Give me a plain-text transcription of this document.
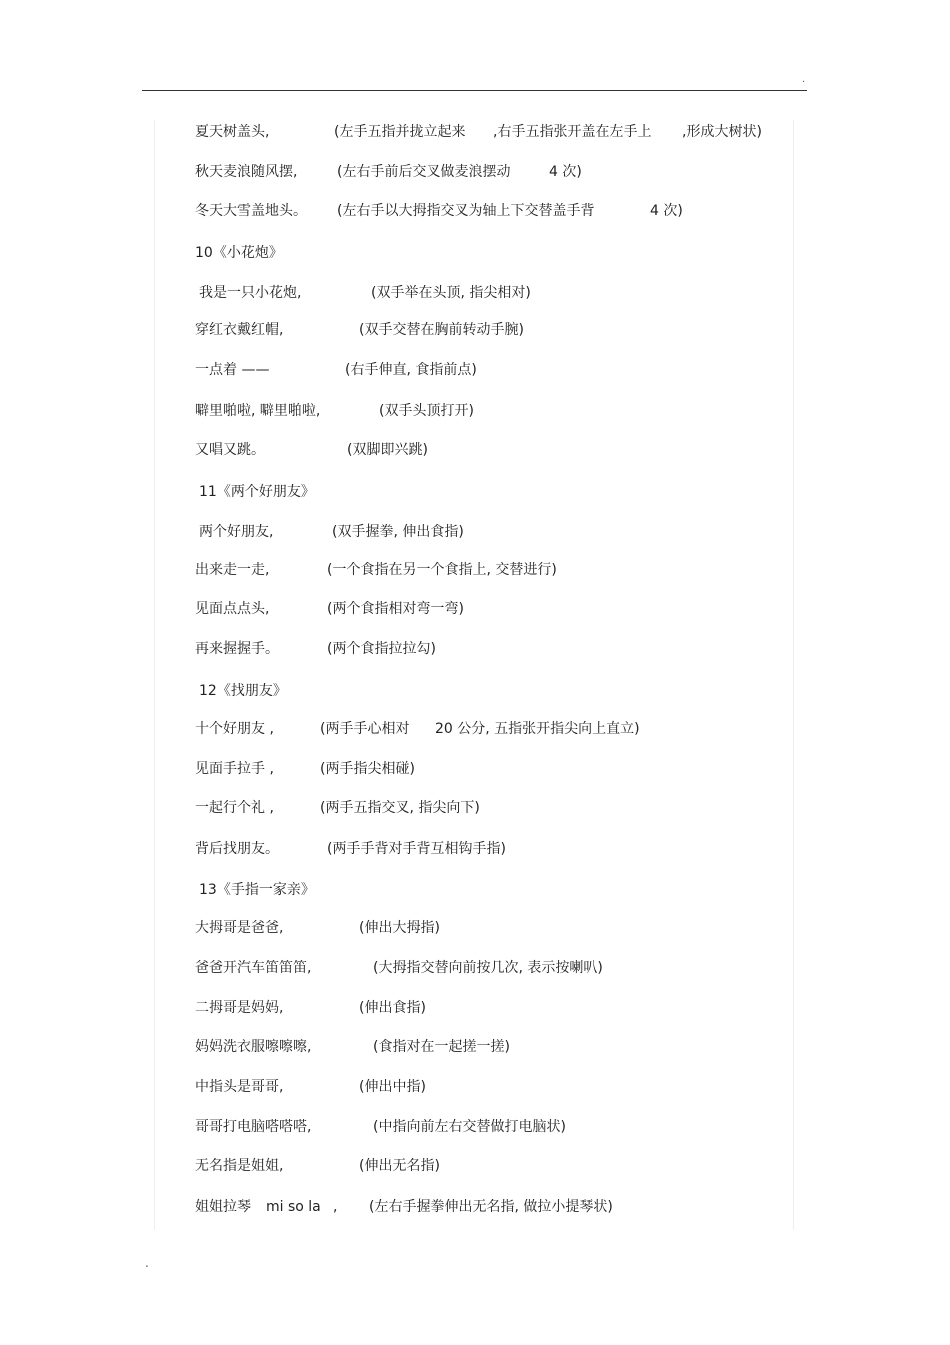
.
.
夏天树盖头,	(左手五指并拢立起来 ,右手五指张开盖在左手上 ,形成大树状)
秋天麦浪随风摆,	(左右手前后交叉做麦浪摆动	4 次)
冬天大雪盖地头。 (左右手以大拇指交叉为轴上下交替盖手背	4 次)
10《小花炮》
我是一只小花炮,	(双手举在头顶, 指尖相对)
穿红衣戴红帽,	(双手交替在胸前转动手腕)
一点着 ——	(右手伸直, 食指前点)
噼里啪啦, 噼里啪啦,	(双手头顶打开)
又唱又跳。	(双脚即兴跳)
11《两个好朋友》
两个好朋友,	(双手握拳, 伸出食指)
出来走一走,	(一个食指在另一个食指上, 交替进行)
见面点点头,	(两个食指相对弯一弯)
再来握握手。	(两个食指拉拉勾)
12《找朋友》
十个好朋友 ,	(两手手心相对 20 公分, 五指张开指尖向上直立)
见面手拉手 ,	(两手指尖相碰)
一起行个礼 ,	(两手五指交叉, 指尖向下)
背后找朋友。	(两手手背对手背互相钩手指)
13《手指一家亲》
大拇哥是爸爸,	(伸出大拇指)
爸爸开汽车笛笛笛,	(大拇指交替向前按几次, 表示按喇叭)
二拇哥是妈妈,	(伸出食指)
妈妈洗衣服嚓嚓嚓,	(食指对在一起搓一搓)
中指头是哥哥,	(伸出中指)
哥哥打电脑嗒嗒嗒,	(中指向前左右交替做打电脑状)
无名指是姐姐,	(伸出无名指)
姐姐拉琴 mi so la , (左右手握拳伸出无名指, 做拉小提琴状)
